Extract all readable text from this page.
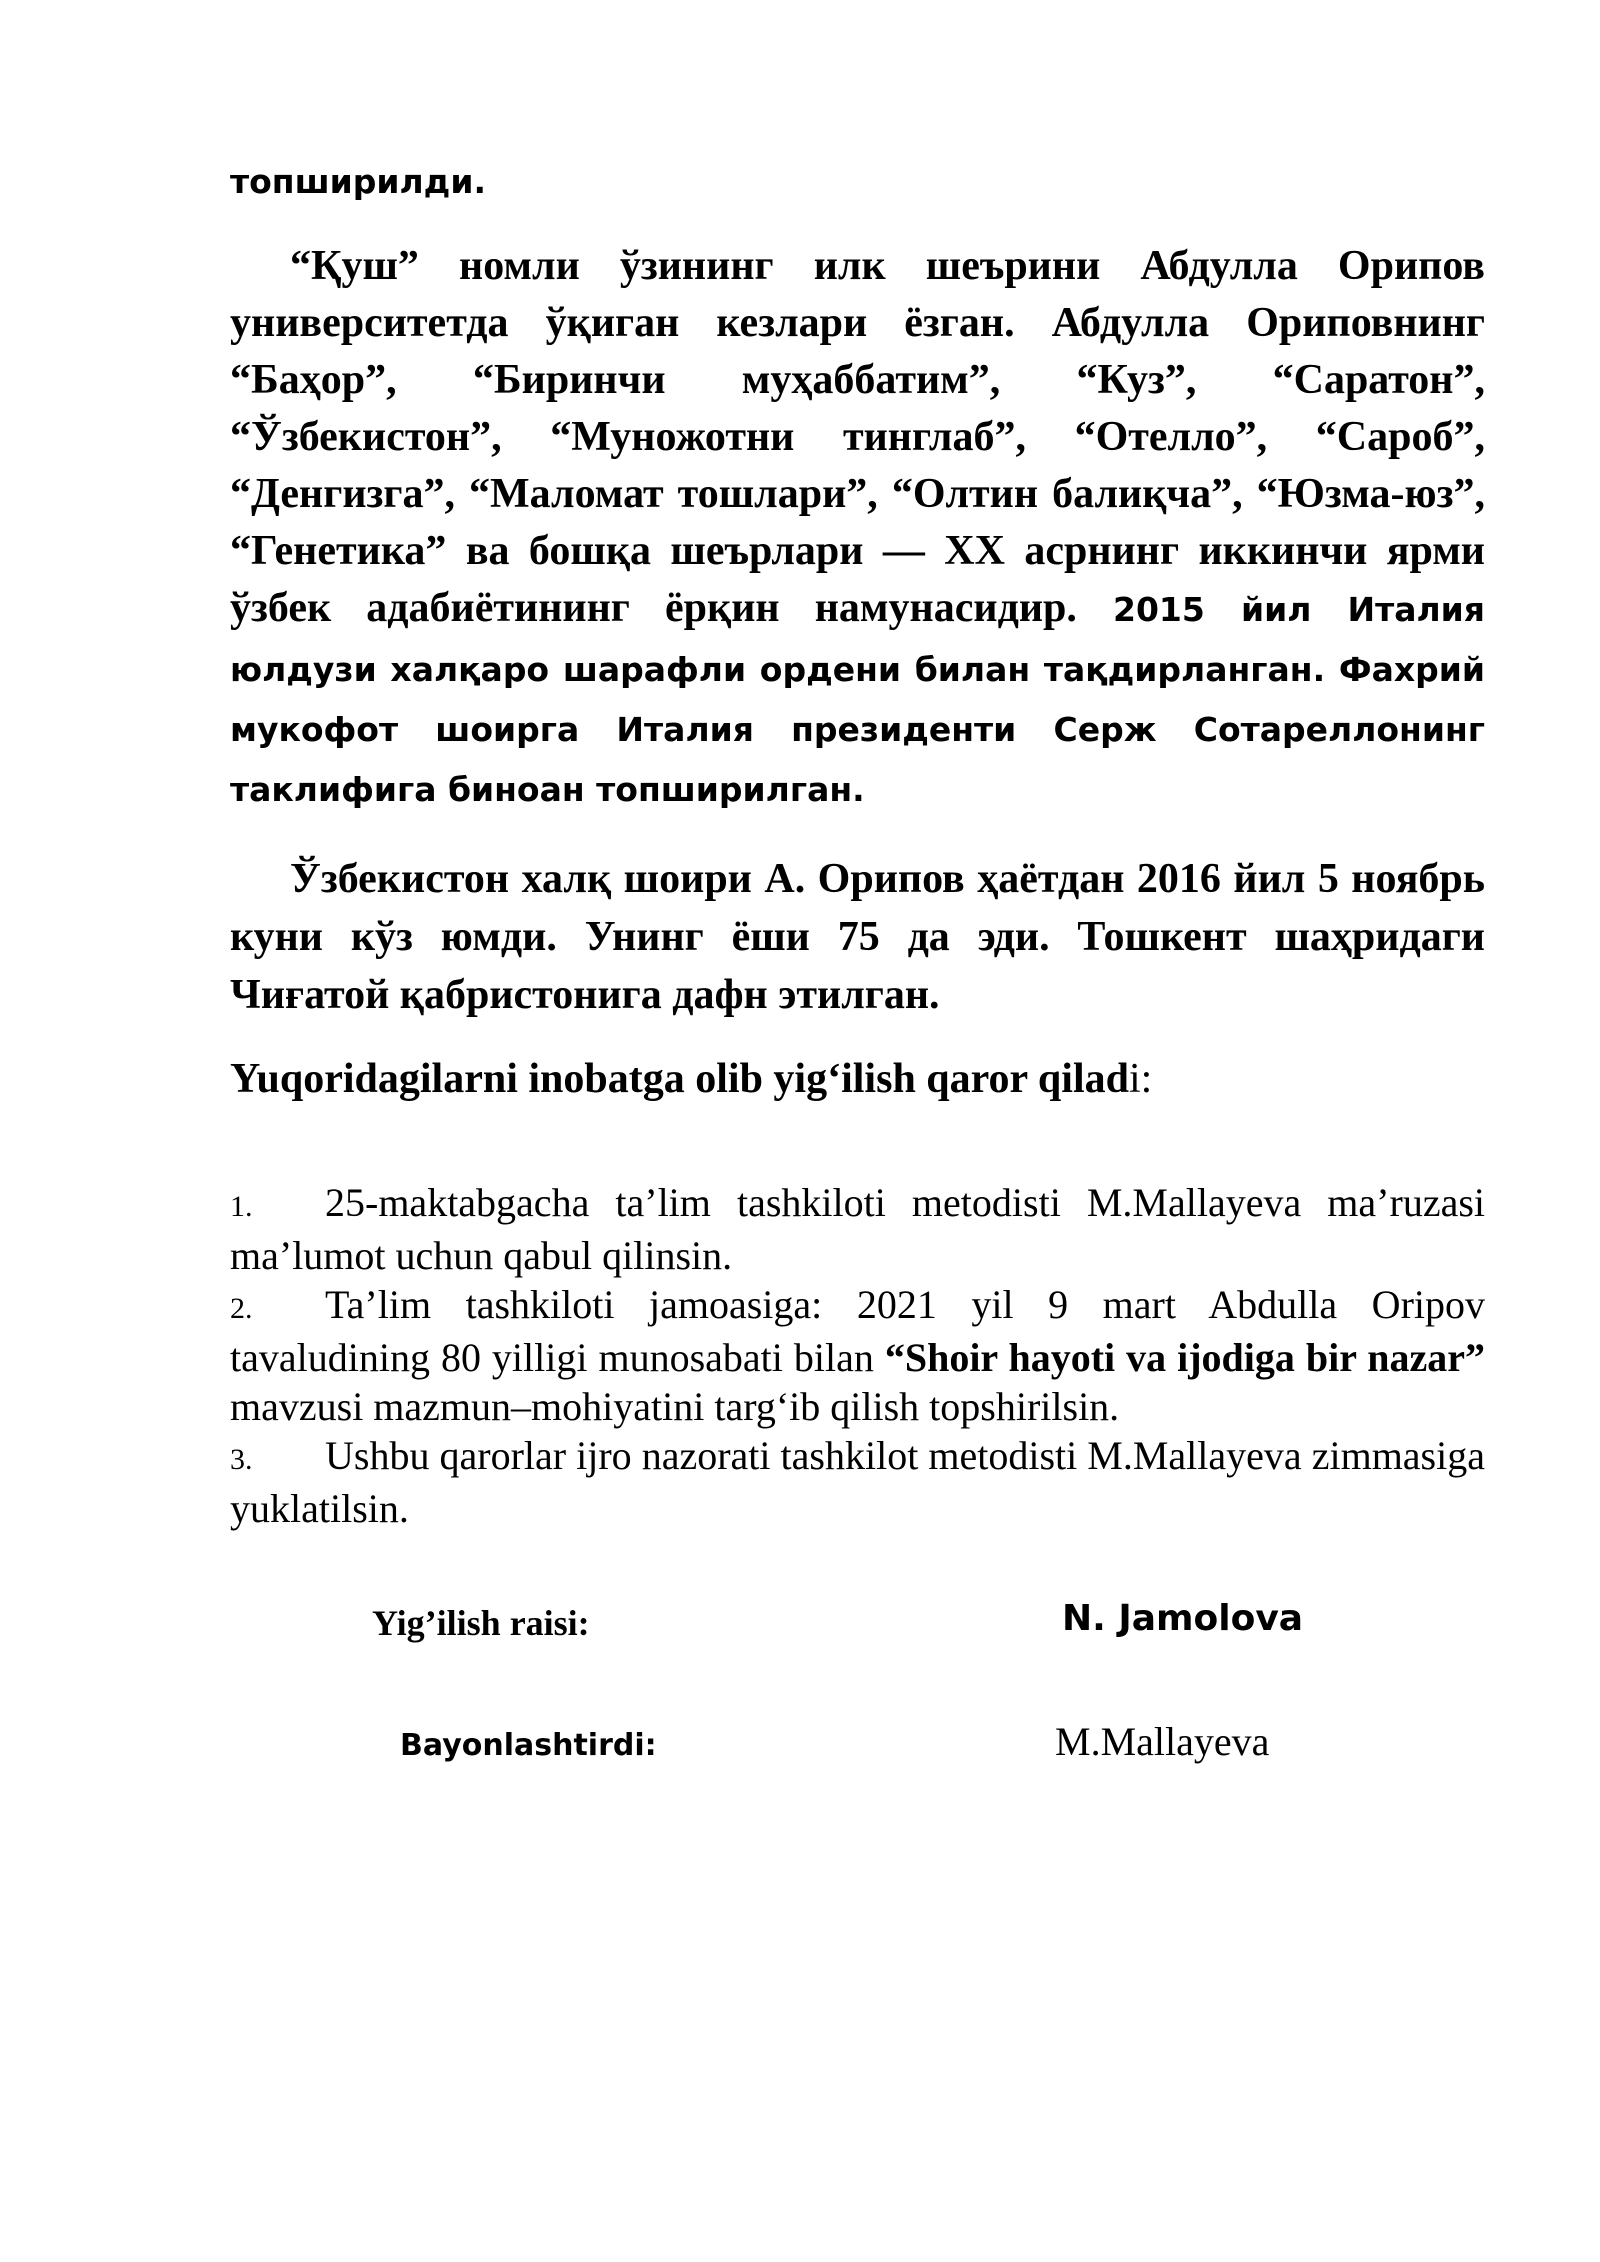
топширилди.
“Қуш” номли ўзининг илк шеърини Абдулла Орипов университетда ўқиган кезлари ёзган. Абдулла Ориповнинг “Баҳор”, “Биринчи муҳаббатим”, “Куз”, “Саратон”, “Ўзбекистон”, “Муножотни тинглаб”, “Отелло”, “Сароб”, “Денгизга”, “Маломат тошлари”, “Олтин балиқча”, “Юзма-юз”, “Генетика” ва бошқа шеърлари — XX асрнинг иккинчи ярми ўзбек адабиётининг ёрқин намунасидир. 2015 йил Италия юлдузи халқаро шарафли ордени билан тақдирланган. Фахрий мукофот шоирга Италия президенти Серж Сотареллонинг таклифига биноан топширилган.
Ўзбекистон халқ шоири А. Орипов ҳаётдан 2016 йил 5 ноябрь куни кўз юмди. Унинг ёши 75 да эди. Тошкент шаҳридаги Чиғатой қабристонига дафн этилган.
Yuqoridagilarni inobatga olib yig‘ilish qaror qiladi:
1. 25-maktabgacha ta’lim tashkiloti metodisti M.Mallayeva ma’ruzasi ma’lumot uchun qabul qilinsin.
2. Ta’lim tashkiloti jamoasiga: 2021 yil 9 mart Abdulla Oripov tavaludining 80 yilligi munosabati bilan “Shoir hayoti va ijodiga bir nazar” mavzusi mazmun–mohiyatini targ‘ib qilish topshirilsin.
3. Ushbu qarorlar ijro nazorati tashkilot metodisti M.Mallayeva zimmasiga yuklatilsin.
Yig’ilish raisi:	N. Jamolova
Bayonlashtirdi:	M.Mallayeva
